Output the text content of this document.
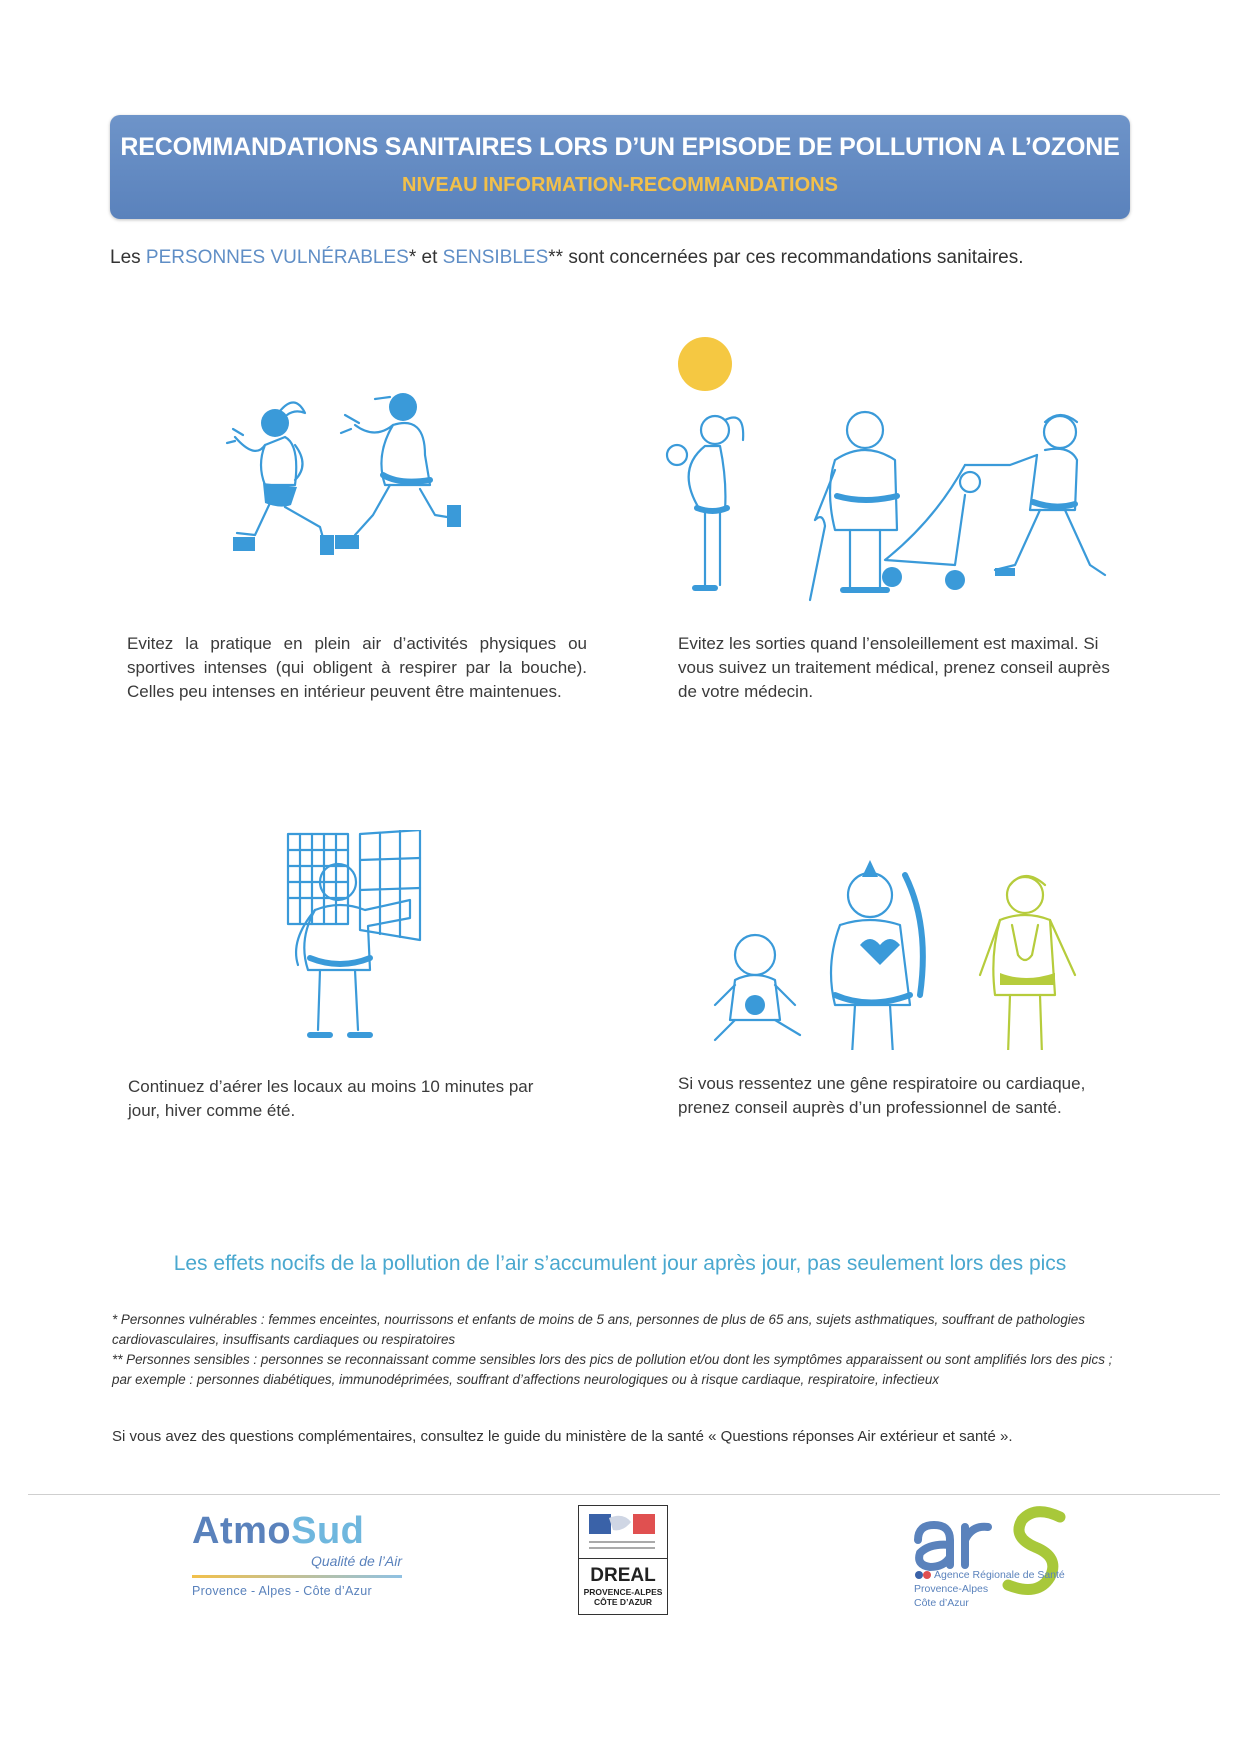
RECOMMANDATIONS SANITAIRES LORS D’UN EPISODE DE POLLUTION A L’OZONE
NIVEAU INFORMATION-RECOMMANDATIONS
Les PERSONNES VULNÉRABLES* et SENSIBLES** sont concernées par ces recommandations sanitaires.
Evitez la pratique en plein air d’activités physiques ou sportives intenses (qui obligent à respirer par la bouche). Celles peu intenses en intérieur peuvent être maintenues.
Evitez les sorties quand l’ensoleillement est maximal. Si vous suivez un traitement médical, prenez conseil auprès de votre médecin.
Continuez d’aérer les locaux au moins 10 minutes par jour, hiver comme été.
Si vous ressentez une gêne respiratoire ou cardiaque, prenez conseil auprès d’un professionnel de santé.
Les effets nocifs de la pollution de l’air s’accumulent jour après jour, pas seulement lors des pics

* Personnes vulnérables : femmes enceintes, nourrissons et enfants de moins de 5 ans, personnes de plus de 65 ans, sujets asthmatiques, souffrant de pathologies cardiovasculaires, insuffisants cardiaques ou respiratoires

** Personnes sensibles : personnes se reconnaissant comme sensibles lors des pics de pollution et/ou dont les symptômes apparaissent ou sont amplifiés lors des pics ; par exemple : personnes diabétiques, immunodéprimées, souffrant d’affections neurologiques ou à risque cardiaque, respiratoire, infectieux

Si vous avez des questions complémentaires, consultez le guide du ministère de la santé « Questions réponses Air extérieur et santé ».
AtmoSud
Qualité de l’Air
Provence - Alpes - Côte d’Azur
DREAL
PROVENCE-ALPES
CÔTE D’AZUR
Agence Régionale de Santé
Provence-Alpes
Côte d’Azur
